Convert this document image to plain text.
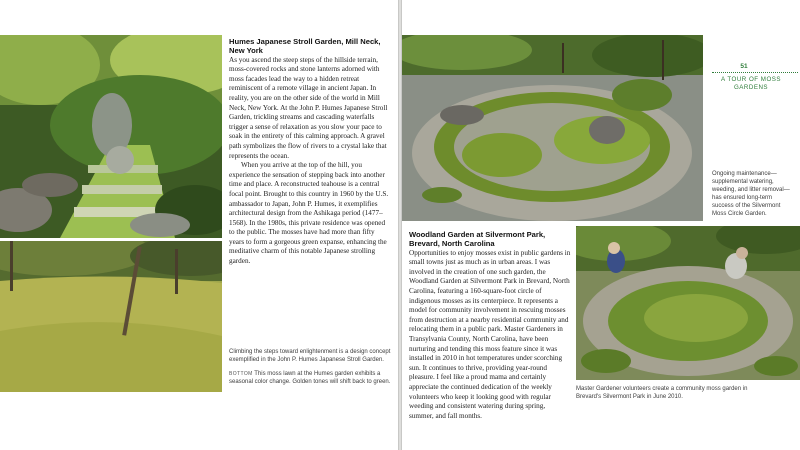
Humes Japanese Stroll Garden, Mill Neck, New York

As you ascend the steep steps of the hillside terrain, moss-covered rocks and stone lanterns adorned with moss facades lead the way to a hidden retreat reminiscent of a remote village in ancient Japan. In reality, you are on the other side of the world in Mill Neck, New York. At the John P. Humes Japanese Stroll Garden, trickling streams and cascading waterfalls trigger a sense of relaxation as you slow your pace to soak in the entirety of this calming approach. A gravel path symbolizes the flow of rivers to a crystal lake that represents the ocean.

When you arrive at the top of the hill, you experience the sensation of stepping back into another time and place. A reconstructed teahouse is a central focal point. Brought to this country in 1960 by the U.S. ambassador to Japan, John P. Humes, it exemplifies architectural design from the Ashikaga period (1477–1568). In the 1980s, this private residence was opened to the public. The mosses have had more than fifty years to form a gorgeous green expanse, enhancing the meditative charm of this notable Japanese strolling garden.

Climbing the steps toward enlightenment is a design concept exemplified in the John P. Humes Japanese Stroll Garden.
BOTTOM This moss lawn at the Humes garden exhibits a seasonal color change. Golden tones will shift back to green.
51
A TOUR OF MOSS GARDENS
Ongoing maintenance—supplemental watering, weeding, and litter removal—has ensured long-term success of the Silvermont Moss Circle Garden.
Woodland Garden at Silvermont Park, Brevard, North Carolina

Opportunities to enjoy mosses exist in public gardens in small towns just as much as in urban areas. I was involved in the creation of one such garden, the Woodland Garden at Silvermont Park in Brevard, North Carolina, featuring a 160-square-foot circle of indigenous mosses as its centerpiece. It represents a model for community involvement in rescuing mosses from destruction at a nearby residential community and relocating them in a public park. Master Gardeners in Transylvania County, North Carolina, have been nurturing and tending this moss feature since it was installed in 2010 in hot temperatures under scorching sun. It continues to thrive, providing year-round pleasure. I feel like a proud mama and certainly appreciate the continued dedication of the weekly volunteers who keep it looking good with regular weeding and consistent watering during spring, summer, and fall months.

Master Gardener volunteers create a community moss garden in Brevard's Silvermont Park in June 2010.
